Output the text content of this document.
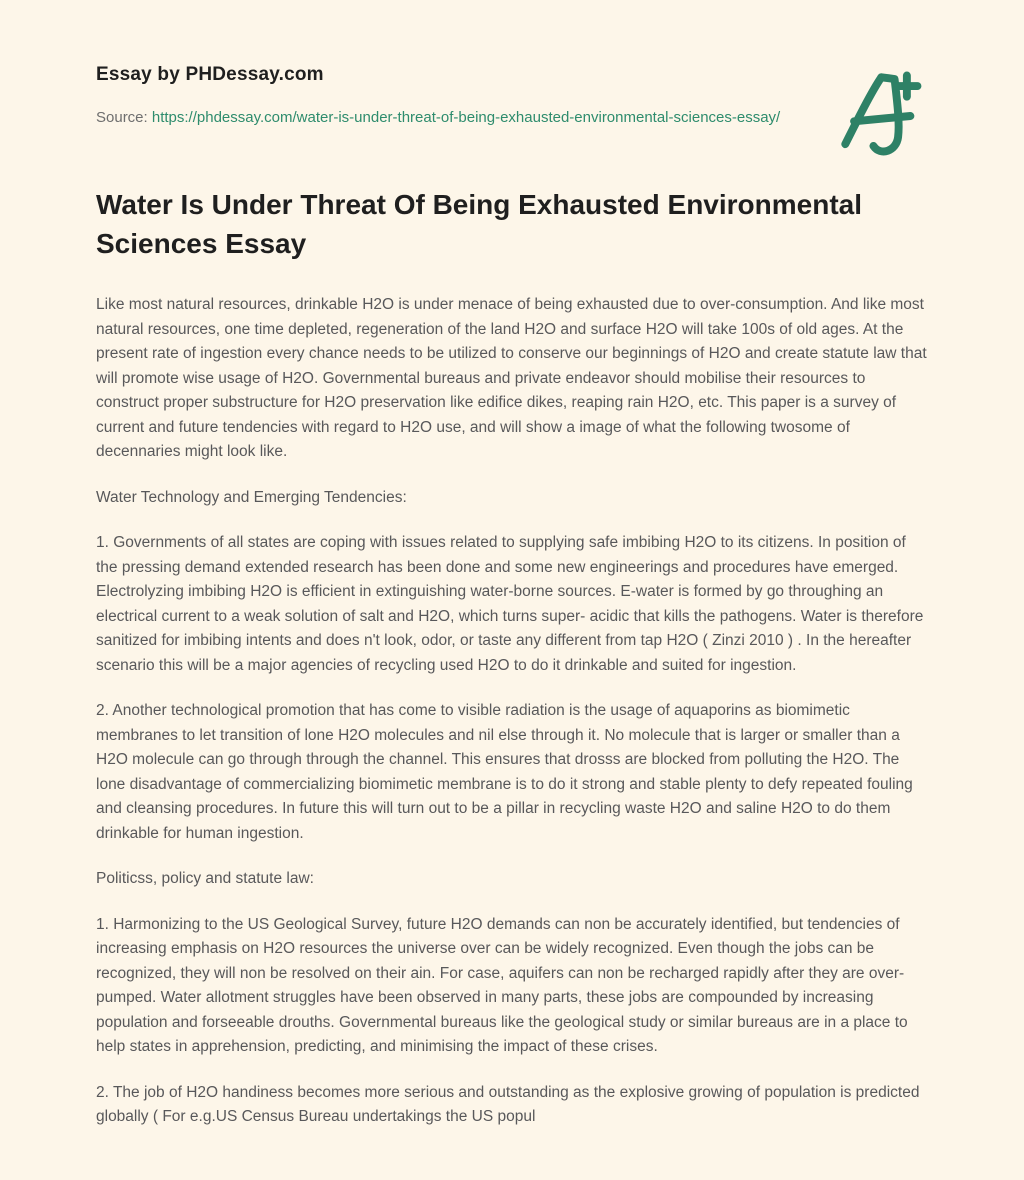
Essay by PHDessay.com
Source: https://phdessay.com/water-is-under-threat-of-being-exhausted-environmental-sciences-essay/
Water Is Under Threat Of Being Exhausted Environmental Sciences Essay

Like most natural resources, drinkable H2O is under menace of being exhausted due to over-consumption. And like most natural resources, one time depleted, regeneration of the land H2O and surface H2O will take 100s of old ages. At the present rate of ingestion every chance needs to be utilized to conserve our beginnings of H2O and create statute law that will promote wise usage of H2O. Governmental bureaus and private endeavor should mobilise their resources to construct proper substructure for H2O preservation like edifice dikes, reaping rain H2O, etc. This paper is a survey of current and future tendencies with regard to H2O use, and will show a image of what the following twosome of decennaries might look like.

Water Technology and Emerging Tendencies:

1. Governments of all states are coping with issues related to supplying safe imbibing H2O to its citizens. In position of the pressing demand extended research has been done and some new engineerings and procedures have emerged. Electrolyzing imbibing H2O is efficient in extinguishing water-borne sources. E-water is formed by go throughing an electrical current to a weak solution of salt and H2O, which turns super- acidic that kills the pathogens. Water is therefore sanitized for imbibing intents and does n't look, odor, or taste any different from tap H2O ( Zinzi 2010 ) . In the hereafter scenario this will be a major agencies of recycling used H2O to do it drinkable and suited for ingestion.

2. Another technological promotion that has come to visible radiation is the usage of aquaporins as biomimetic membranes to let transition of lone H2O molecules and nil else through it. No molecule that is larger or smaller than a H2O molecule can go through through the channel. This ensures that drosss are blocked from polluting the H2O. The lone disadvantage of commercializing biomimetic membrane is to do it strong and stable plenty to defy repeated fouling and cleansing procedures. In future this will turn out to be a pillar in recycling waste H2O and saline H2O to do them drinkable for human ingestion.

Politicss, policy and statute law:

1. Harmonizing to the US Geological Survey, future H2O demands can non be accurately identified, but tendencies of increasing emphasis on H2O resources the universe over can be widely recognized. Even though the jobs can be recognized, they will non be resolved on their ain. For case, aquifers can non be recharged rapidly after they are over-pumped. Water allotment struggles have been observed in many parts, these jobs are compounded by increasing population and forseeable drouths. Governmental bureaus like the geological study or similar bureaus are in a place to help states in apprehension, predicting, and minimising the impact of these crises.

2. The job of H2O handiness becomes more serious and outstanding as the explosive growing of population is predicted globally ( For e.g.US Census Bureau undertakings the US popul
